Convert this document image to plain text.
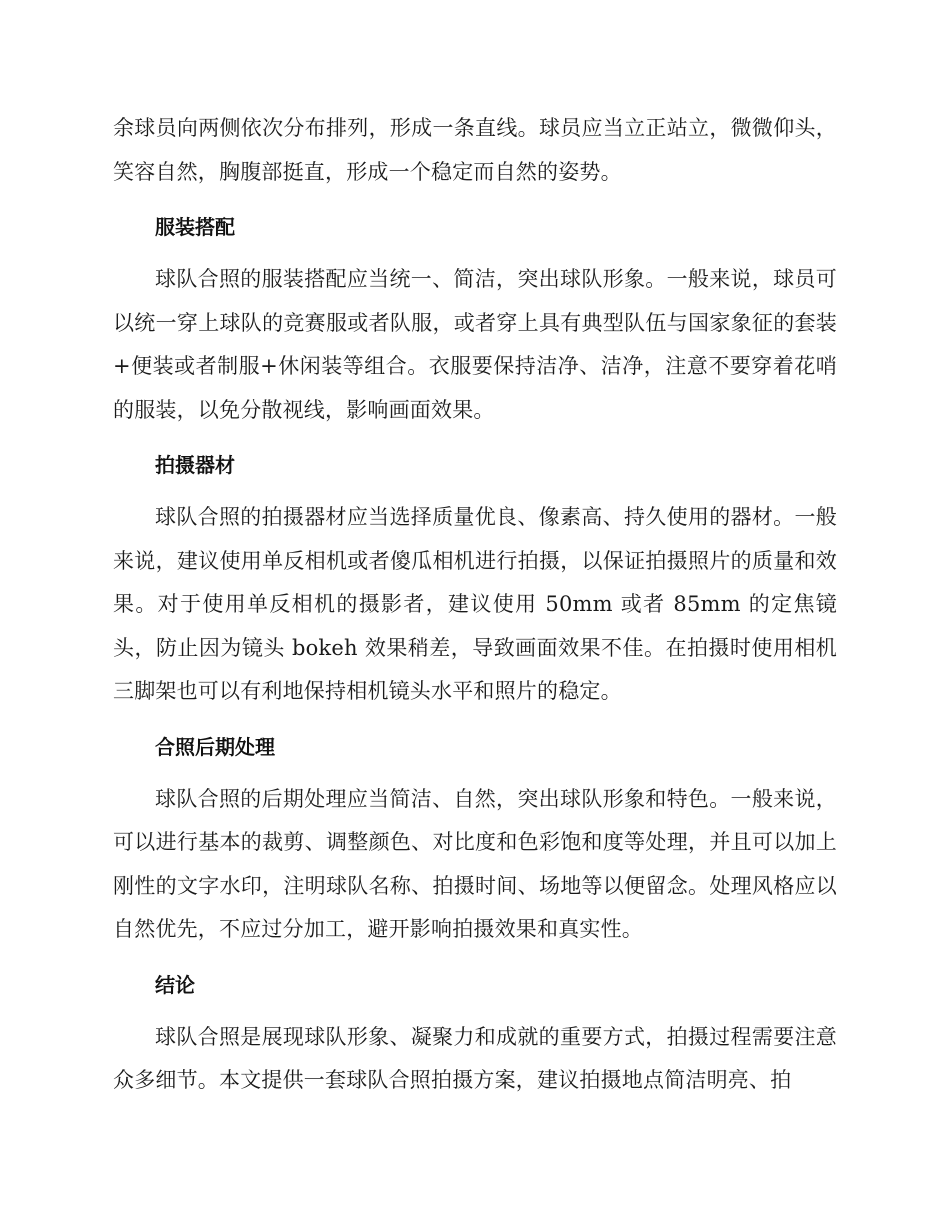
余球员向两侧依次分布排列，形成一条直线。球员应当立正站立，微微仰头，笑容自然，胸腹部挺直，形成一个稳定而自然的姿势。

服装搭配

球队合照的服装搭配应当统一、简洁，突出球队形象。一般来说，球员可以统一穿上球队的竞赛服或者队服，或者穿上具有典型队伍与国家象征的套装+便装或者制服+休闲装等组合。衣服要保持洁净、洁净，注意不要穿着花哨的服装，以免分散视线，影响画面效果。

拍摄器材

球队合照的拍摄器材应当选择质量优良、像素高、持久使用的器材。一般来说，建议使用单反相机或者傻瓜相机进行拍摄，以保证拍摄照片的质量和效果。对于使用单反相机的摄影者，建议使用 50mm 或者 85mm 的定焦镜头，防止因为镜头 bokeh 效果稍差，导致画面效果不佳。在拍摄时使用相机三脚架也可以有利地保持相机镜头水平和照片的稳定。

合照后期处理

球队合照的后期处理应当简洁、自然，突出球队形象和特色。一般来说，可以进行基本的裁剪、调整颜色、对比度和色彩饱和度等处理，并且可以加上刚性的文字水印，注明球队名称、拍摄时间、场地等以便留念。处理风格应以自然优先，不应过分加工，避开影响拍摄效果和真实性。

结论

球队合照是展现球队形象、凝聚力和成就的重要方式，拍摄过程需要注意众多细节。本文提供一套球队合照拍摄方案，建议拍摄地点简洁明亮、拍
